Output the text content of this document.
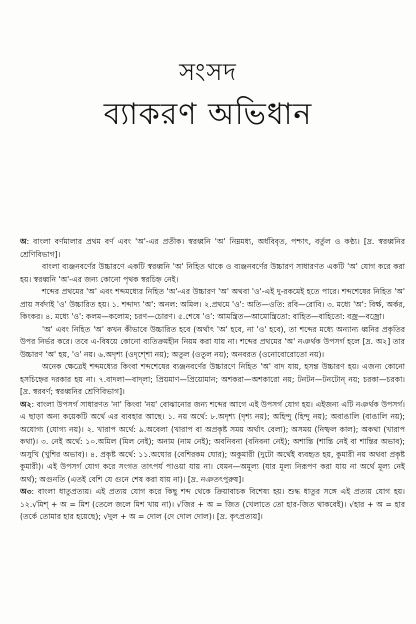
সংসদ
ব্যাকরণ অভিধান

অ: বাংলা বর্ণমালার প্রথম বর্ণ এবং 'অ'-এর প্রতীক। স্বরধ্বনি 'অ' নিম্নমধ্য, অর্ধবিবৃত, পশ্চাৎ, বর্তুল ও কণ্ঠ্য। [দ্র. স্বরধ্বনির শ্রেণিবিভাগ]।

বাংলা ব্যঞ্জনবর্ণের উচ্চারণে একটি স্বরধ্বনি 'অ' নিহিত থাকে ও ব্যঞ্জনবর্ণের উচ্চারণ সাধারণত একটি 'অ' যোগ করে করা হয়। স্বরধ্বনি 'অ'-এর জন্য কোনো পৃথক স্বরচিহ্ন নেই।

শব্দের প্রথমের 'অ' এবং শব্দমধ্যের নিহিত 'অ'-এর উচ্চারণ 'অ' অথবা 'ও'-এই দু-রকমেই হতে পারে। শব্দশেষের নিহিত 'অ' প্রায় সর্বদাই 'ও' উচ্চারিত হয়। ১. শব্দাদ্য 'অ': অনল: অমিল। ২.প্রথমে 'ও': অতি—ওতি: রবি—রোবি। ৩. মধ্যে 'অ': বির্ক্ষ, অর্কর, কিংকর। ৪. মধ্যে 'ও': কলম—কলোম; চরণ—চোরণ। ৫.শেষে 'ও': আমন্ত্রিত—আমোন্ত্রিতো: বাহিত—বাহিতো: বজ্র—বজ্রো।

'অ' এবং নিহিত 'অ' কখন কীভাবে উচ্চারিত হবে (অর্থাৎ 'অ' হবে, না 'ও' হবে), তা শব্দের মধ্যে অন্যান্য ধ্বনির প্রকৃতির উপর নির্ভর করে। তবে এ-বিষয়ে কোনো ব্যতিক্রমহীন নিয়ম করা যায় না। শব্দের প্রথমের 'অ' নঞর্থক উপসর্গ হলে [দ্র. অ২] তার উচ্চারণ 'অ' হয়, 'ও' নয়। ৬.অদৃশ্য (ওদৃশ্শো নয়); অতুল (ওতুল নয়); অনবরত (ওনোবোরোতো নয়)।

অনেক ক্ষেত্রেই শব্দমধ্যের কিংবা শব্দশেষের ব্যঞ্জনবর্ণের উচ্চারণে নিহিত 'অ' বাদ যায়, হসন্ত উচ্চারণ হয়। এজন্য কোনো হসচিহ্নের দরকার হয় না। ৭.বাদলা—বাদ্লা; প্রিয়মাণ—প্রিয়োমান; অশকরা—অশকারো নয়; টনটন—টনটোন্ নয়; চরকা—চরকা। [দ্র. স্বরবর্ণ; স্বরধ্বনির শ্রেণিবিভাগ]।

অ২: বাংলা উপসর্গ সাধারণত 'না' কিংবা 'নয়' বোঝানোর জন্য শব্দের আগে এই উপসর্গ যোগ হয়। এইজন্য এটি নঞর্থক উপসর্গ। এ ছাড়া অন্য কয়েকটি অর্থে এর ব্যবহার আছে। ১. নয় অর্থে: ৮.অদৃশ্য (দৃশ্য নয়); অহিন্দু (হিন্দু নয়); অবাঙালি (বাঙালি নয়); অযোগ্য (যোগ্য নয়)। ২. খারাপ অর্থে: ৯.অবেলা (খারাপ বা অপ্রকৃষ্ট সময় অর্থাৎ বেলা); অসময় (নিষ্ফল কাল); অকথা (খারাপ কথা)। ৩. নেই অর্থে: ১০.অমিল (মিল নেই); অনাম (নাম নেই); অবনিবনা (বনিবনা নেই); অশান্তি (শান্তি নেই বা শান্তির অভাব); অসুখি (খুশির অভাব)। ৪. প্রকৃষ্ট অর্থে: ১১.অঘোর (বেশিরকম ঘোর); অকুমারী (দুটো অর্থেই ব্যবহৃত হয়, কুমারী নয় অথবা প্রকৃষ্ট কুমারী)। এই উপসর্গ যোগ করে সংগত তাৎপর্য পাওয়া যায় না। যেমন—অমূল্য (যার মূল্য নিরূপণ করা যায় না অর্থে মূল্য নেই অর্থ); অগুনতি (এতই বেশি যে গুনে শেষ করা যায় না)। [দ্র. নঞতৎপুরুষ]।

অ৩: বাংলা ধাতুপ্রত্যয়। এই প্রত্যয় যোগ করে কিছু শব্দ থেকে ক্রিয়াবাচক বিশেষ্য হয়। শুদ্ধ ধাতুর সঙ্গে এই প্রত্যয় যোগ হয়। ১২.√মিশ্ + অ = মিশ (তেলে জলে মিশ খায় না)। √জির + অ = জিত (খেলাতে তো হার-জিত থাকবেই)। √হার + অ = হার (তর্কে তোমার হার হয়েছে); √দুল + অ = দোল (দে দোল দোল)। [দ্র. কৃৎপ্রত্যয়]।
